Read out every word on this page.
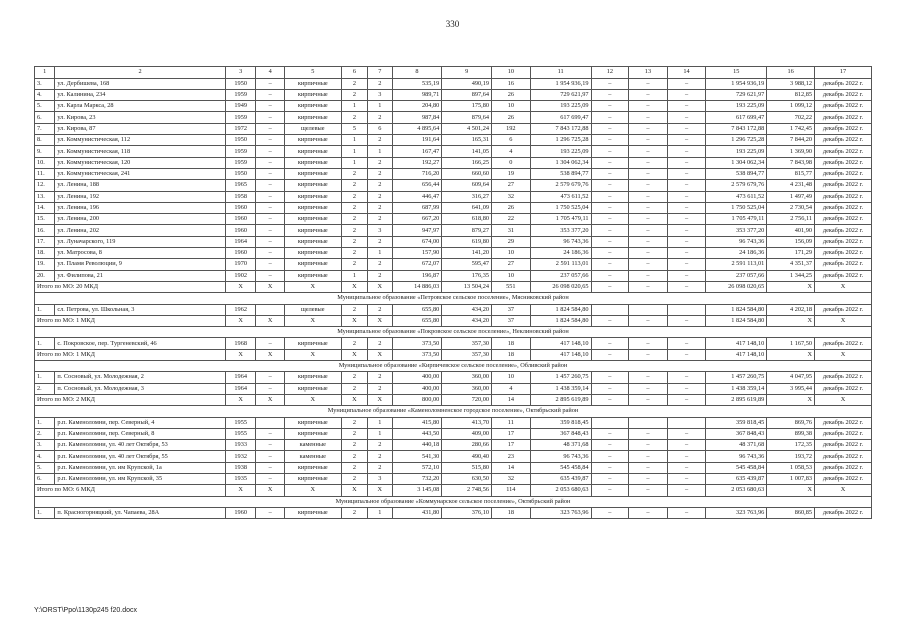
330
1	2	3	4	5	6	7	8	9	10	11	12	13	14	15	16	17
3.	ул. Дербишева, 168	1950	–	кирпичные	2	2	535,19	490,19	16	1 954 936,19	–	–	–	1 954 936,19	3 988,12	декабрь 2022 г.
4.	ул. Калинина, 234	1959	–	кирпичные	2	3	989,71	897,64	26	729 621,97	–	–	–	729 621,97	812,85	декабрь 2022 г.
5.	ул. Карла Маркса, 28	1949	–	кирпичные	1	1	204,80	175,80	10	193 225,09	–	–	–	193 225,09	1 099,12	декабрь 2022 г.
6.	ул. Кирова, 23	1959	–	кирпичные	2	2	987,84	879,64	26	617 699,47	–	–	–	617 699,47	702,22	декабрь 2022 г.
7.	ул. Кирова, 87	1972	–	щелевые	5	6	4 895,64	4 501,24	192	7 843 172,88	–	–	–	7 843 172,88	1 742,45	декабрь 2022 г.
8.	ул. Коммунистическая, 112	1950	–	кирпичные	1	2	191,64	165,31	6	1 296 725,28	–	–	–	1 296 725,28	7 844,20	декабрь 2022 г.
9.	ул. Коммунистическая, 118	1959	–	кирпичные	1	1	167,47	141,05	4	193 225,09	–	–	–	193 225,09	1 369,90	декабрь 2022 г.
10.	ул. Коммунистическая, 120	1959	–	кирпичные	1	2	192,27	166,25	0	1 304 062,34	–	–	–	1 304 062,34	7 843,98	декабрь 2022 г.
11.	ул. Коммунистическая, 241	1950	–	кирпичные	2	2	716,20	660,60	19	538 894,77	–	–	–	538 894,77	815,77	декабрь 2022 г.
12.	ул. Ленина, 188	1965	–	кирпичные	2	2	656,44	609,64	27	2 579 679,76	–	–	–	2 579 679,76	4 231,48	декабрь 2022 г.
13.	ул. Ленина, 192	1958	–	кирпичные	2	2	446,47	316,27	32	473 611,52	–	–	–	473 611,52	1 497,49	декабрь 2022 г.
14.	ул. Ленина, 196	1960	–	кирпичные	2	2	687,99	641,09	26	1 750 525,04	–	–	–	1 750 525,04	2 730,54	декабрь 2022 г.
15.	ул. Ленина, 200	1960	–	кирпичные	2	2	667,20	618,80	22	1 705 479,11	–	–	–	1 705 479,11	2 756,11	декабрь 2022 г.
16.	ул. Ленина, 202	1960	–	кирпичные	2	3	947,97	879,27	31	353 377,20	–	–	–	353 377,20	401,90	декабрь 2022 г.
17.	ул. Луначарского, 119	1964	–	кирпичные	2	2	674,00	619,80	29	96 743,36	–	–	–	96 743,36	156,09	декабрь 2022 г.
18.	ул. Матросова, 8	1960	–	кирпичные	2	1	157,90	141,20	10	24 186,36	–	–	–	24 186,36	171,29	декабрь 2022 г.
19.	ул. Пламя Революции, 9	1970	–	кирпичные	2	2	672,07	595,47	27	2 591 113,01	–	–	–	2 591 113,01	4 351,37	декабрь 2022 г.
20.	ул. Филипова, 21	1902	–	кирпичные	1	2	196,87	176,35	10	237 057,66	–	–	–	237 057,66	1 344,25	декабрь 2022 г.
Итого по МО: 20 МКД		X	X	X	X	X	14 886,03	13 504,24	551	26 098 020,65	–	–	–	26 098 020,65	X	X
Муниципальное образование «Петровское сельское поселение», Мясниковский район																
1.	сл. Петрова, ул. Школьная, 3	1962		щелевые	2	2	655,80	434,20	37	1 824 584,80				1 824 584,80	4 202,18	декабрь 2022 г.
Итого по МО: 1 МКД		X	X	X	X	X	655,80	434,20	37	1 824 584,80	–	–	–	1 824 584,80	X	X
Муниципальное образование «Покровское сельское поселение», Неклиновский район																
1.	с. Покровское, пер. Тургеневский, 46	1968	–	кирпичные	2	2	373,50	357,30	18	417 148,10	–	–	–	417 148,10	1 167,50	декабрь 2022 г.
Итого по МО: 1 МКД		X	X	X	X	X	373,50	357,30	18	417 148,10	–	–	–	417 148,10	X	X
Муниципальное образование «Кирпичевское сельское поселение», Обливский район																
1.	п. Сосновый, ул. Молодежная, 2	1964	–	кирпичные	2	2	400,00	360,00	10	1 457 260,75	–	–	–	1 457 260,75	4 047,95	декабрь 2022 г.
2.	п. Сосновый, ул. Молодежная, 3	1964	–	кирпичные	2	2	400,00	360,00	4	1 438 359,14	–	–	–	1 438 359,14	3 995,44	декабрь 2022 г.
Итого по МО: 2 МКД		X	X	X	X	X	800,00	720,00	14	2 895 619,89	–	–	–	2 895 619,89	X	X
Муниципальное образование «Каменоломненское городское поселение», Октябрьский район																
1.	р.п. Каменоломни, пер. Северный, 4	1955		кирпичные	2	1	415,80	413,70	11	359 818,45				359 818,45	869,76	декабрь 2022 г.
2.	р.п. Каменоломни, пер. Северный, 8	1955	–	кирпичные	2	1	443,50	409,00	17	367 848,43	–	–	–	367 848,43	899,38	декабрь 2022 г.
3.	р.п. Каменоломни, ул. 40 лет Октября, 53	1933	–	каменные	2	2	440,18	280,66	17	48 371,68	–	–	–	48 371,68	172,35	декабрь 2022 г.
4.	р.п. Каменоломни, ул. 40 лет Октября, 55	1932	–	каменные	2	2	541,30	490,40	23	96 743,36	–	–	–	96 743,36	193,72	декабрь 2022 г.
5.	р.п. Каменоломни, ул. им Крупской, 1а	1938	–	кирпичные	2	2	572,10	515,80	14	545 458,84	–	–	–	545 458,84	1 058,53	декабрь 2022 г.
6.	р.п. Каменоломни, ул. им Крупской, 35	1935	–	кирпичные	2	3	732,20	630,50	32	635 439,87	–	–	–	635 439,87	1 007,83	декабрь 2022 г.
Итого по МО: 6 МКД		X	X	X	X	X	3 145,08	2 748,56	114	2 053 680,63	–	–	–	2 053 680,63	X	X
Муниципальное образование «Коммунарское сельское поселение», Октябрьский район																
1.	п. Красногорняцкий, ул. Чапаева, 28А	1960	–	кирпичные	2	1	431,80	376,10	18	323 763,96	–	–	–	323 763,96	860,85	декабрь 2022 г.
Y:\ORST\Ppo\1130p245 f20.docx
